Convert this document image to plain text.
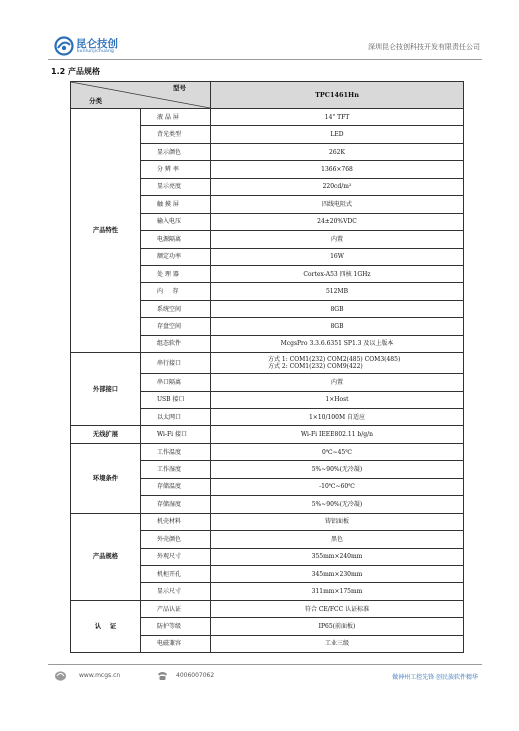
昆仑技创
kunlunjichuang
深圳昆仑技创科技开发有限责任公司
1.2 产品规格
型号
分类		TPC1461Hn
产品特性	液 晶 屏	14" TFT
	背光类型	LED
	显示颜色	262K
	分 辨 率	1366×768
	显示亮度	220cd/m²
	触 摸 屏	四线电阻式
	输入电压	24±20%VDC
	电源隔离	内置
	额定功率	16W
	处 理 器	Cortex-A53 四核 1GHz
	内     存	512MB
	系统空间	8GB
	存盘空间	8GB
	组态软件	McgsPro 3.3.6.6351 SP1.3 及以上版本
外部接口	串行接口	方式 1: COM1(232) COM2(485) COM3(485)
方式 2: COM1(232) COM9(422)

	串口隔离	内置
	USB 接口	1×Host
	以太网口	1×10/100M 自适应
无线扩展	Wi-Fi 接口	Wi-Fi IEEE802.11 b/g/n
环境条件	工作温度	0℃~45℃
	工作湿度	5%~90%(无冷凝)
	存储温度	-10℃~60℃
	存储湿度	5%~90%(无冷凝)
产品规格	机壳材料	铸铝面板
	外壳颜色	黑色
	外观尺寸	355mm×240mm
	机柜开孔	345mm×230mm
	显示尺寸	311mm×175mm
认    证	产品认证	符合 CE/FCC 认证标准
	防护等级	IP65(前面板)
	电磁兼容	工业三级
www.mcgs.cn	4006007062	做神州工控先锋 创民族软件精华
